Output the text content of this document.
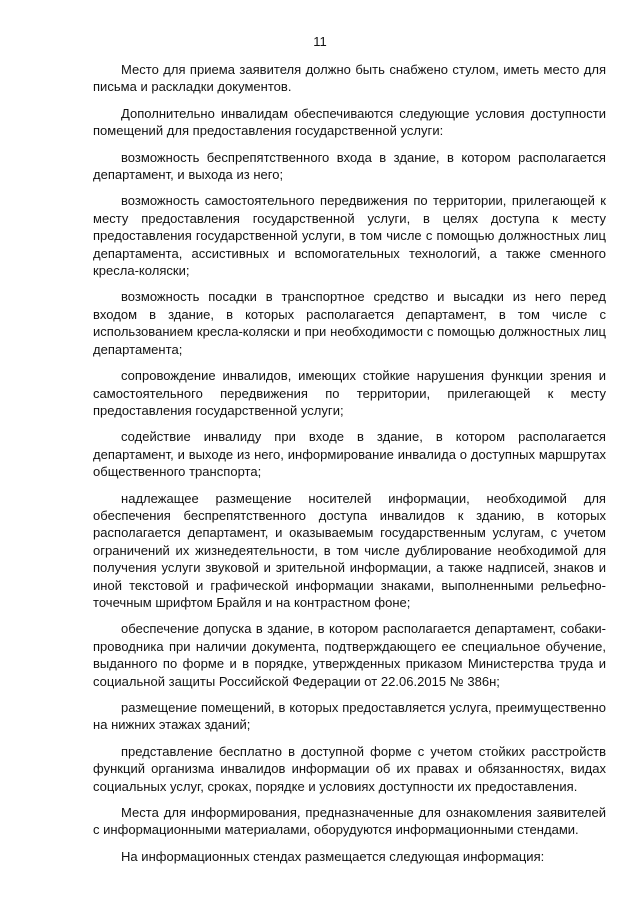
11

Место для приема заявителя должно быть снабжено стулом, иметь место для письма и раскладки документов.

Дополнительно инвалидам обеспечиваются следующие условия доступности помещений для предоставления государственной услуги:

возможность беспрепятственного входа в здание, в котором располагается департамент, и выхода из него;

возможность самостоятельного передвижения по территории, прилегающей к месту предоставления государственной услуги, в целях доступа к месту предоставления государственной услуги, в том числе с помощью должностных лиц департамента, ассистивных и вспомогательных технологий, а также сменного кресла-коляски;

возможность посадки в транспортное средство и высадки из него перед входом в здание, в которых располагается департамент, в том числе с использованием кресла-коляски и при необходимости с помощью должностных лиц департамента;

сопровождение инвалидов, имеющих стойкие нарушения функции зрения и самостоятельного передвижения по территории, прилегающей к месту предоставления государственной услуги;

содействие инвалиду при входе в здание, в котором располагается департамент, и выходе из него, информирование инвалида о доступных маршрутах общественного транспорта;

надлежащее размещение носителей информации, необходимой для обеспечения беспрепятственного доступа инвалидов к зданию, в которых располагается департамент, и оказываемым государственным услугам, с учетом ограничений их жизнедеятельности, в том числе дублирование необходимой для получения услуги звуковой и зрительной информации, а также надписей, знаков и иной текстовой и графической информации знаками, выполненными рельефно-точечным шрифтом Брайля и на контрастном фоне;

обеспечение допуска в здание, в котором располагается департамент, собаки-проводника при наличии документа, подтверждающего ее специальное обучение, выданного по форме и в порядке, утвержденных приказом Министерства труда и социальной защиты Российской Федерации от 22.06.2015 № 386н;

размещение помещений, в которых предоставляется услуга, преимущественно на нижних этажах зданий;

представление бесплатно в доступной форме с учетом стойких расстройств функций организма инвалидов информации об их правах и обязанностях, видах социальных услуг, сроках, порядке и условиях доступности их предоставления.

Места для информирования, предназначенные для ознакомления заявителей с информационными материалами, оборудуются информационными стендами.

На информационных стендах размещается следующая информация:
